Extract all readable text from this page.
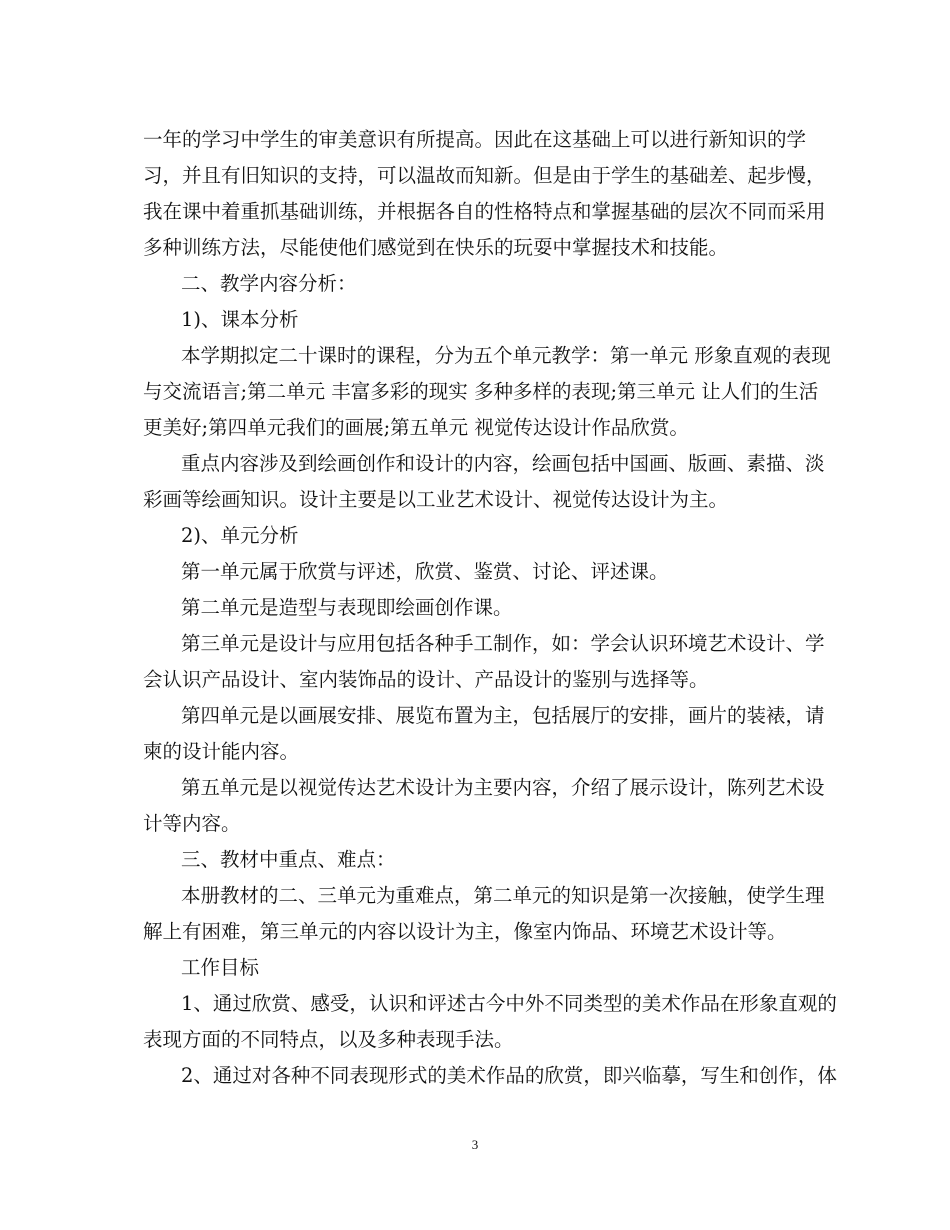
一年的学习中学生的审美意识有所提高。因此在这基础上可以进行新知识的学
习，并且有旧知识的支持，可以温故而知新。但是由于学生的基础差、起步慢，
我在课中着重抓基础训练，并根据各自的性格特点和掌握基础的层次不同而采用
多种训练方法，尽能使他们感觉到在快乐的玩耍中掌握技术和技能。
二、教学内容分析：
1)、课本分析
本学期拟定二十课时的课程，分为五个单元教学：第一单元 形象直观的表现
与交流语言;第二单元 丰富多彩的现实 多种多样的表现;第三单元 让人们的生活
更美好;第四单元我们的画展;第五单元 视觉传达设计作品欣赏。
重点内容涉及到绘画创作和设计的内容，绘画包括中国画、版画、素描、淡
彩画等绘画知识。设计主要是以工业艺术设计、视觉传达设计为主。
2)、单元分析
第一单元属于欣赏与评述，欣赏、鉴赏、讨论、评述课。
第二单元是造型与表现即绘画创作课。
第三单元是设计与应用包括各种手工制作，如：学会认识环境艺术设计、学
会认识产品设计、室内装饰品的设计、产品设计的鉴别与选择等。
第四单元是以画展安排、展览布置为主，包括展厅的安排，画片的装裱，请
柬的设计能内容。
第五单元是以视觉传达艺术设计为主要内容，介绍了展示设计，陈列艺术设
计等内容。
三、教材中重点、难点：
本册教材的二、三单元为重难点，第二单元的知识是第一次接触，使学生理
解上有困难，第三单元的内容以设计为主，像室内饰品、环境艺术设计等。
工作目标
1、通过欣赏、感受，认识和评述古今中外不同类型的美术作品在形象直观的
表现方面的不同特点，以及多种表现手法。
2、通过对各种不同表现形式的美术作品的欣赏，即兴临摹，写生和创作，体
3
